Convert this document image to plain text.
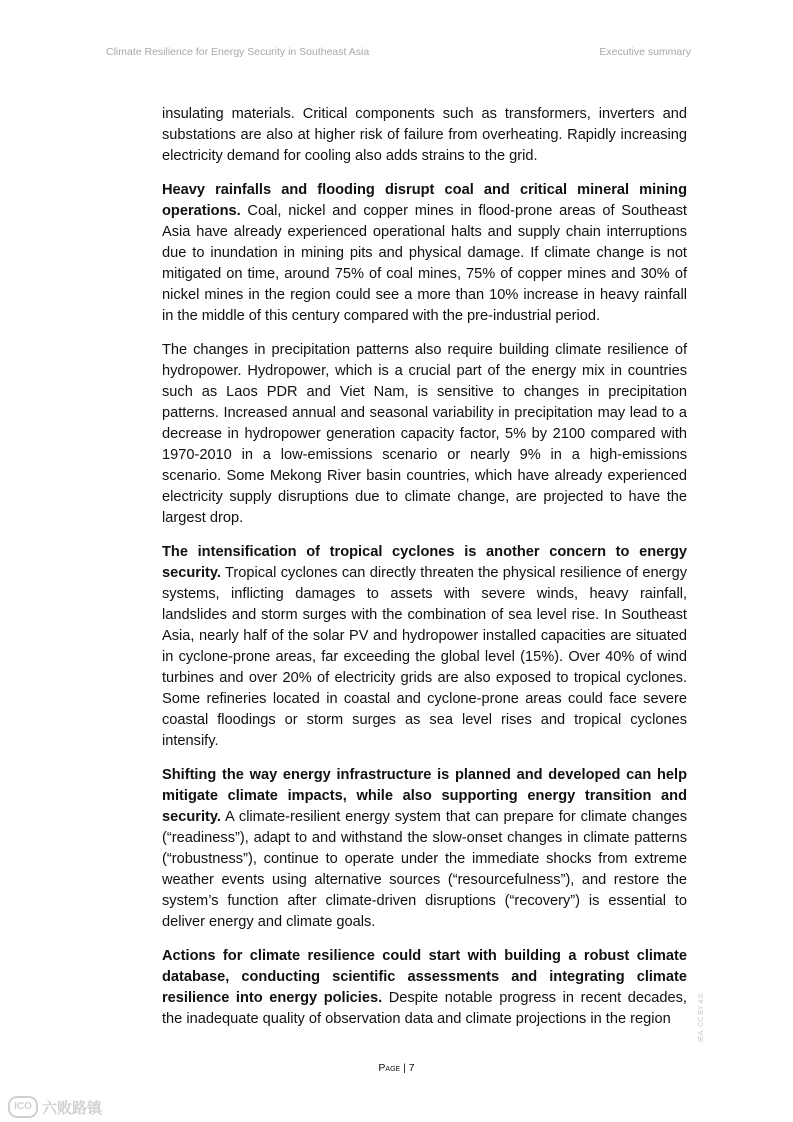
Climate Resilience for Energy Security in Southeast Asia	Executive summary

insulating materials. Critical components such as transformers, inverters and substations are also at higher risk of failure from overheating. Rapidly increasing electricity demand for cooling also adds strains to the grid.

Heavy rainfalls and flooding disrupt coal and critical mineral mining operations. Coal, nickel and copper mines in flood-prone areas of Southeast Asia have already experienced operational halts and supply chain interruptions due to inundation in mining pits and physical damage. If climate change is not mitigated on time, around 75% of coal mines, 75% of copper mines and 30% of nickel mines in the region could see a more than 10% increase in heavy rainfall in the middle of this century compared with the pre-industrial period.

The changes in precipitation patterns also require building climate resilience of hydropower. Hydropower, which is a crucial part of the energy mix in countries such as Laos PDR and Viet Nam, is sensitive to changes in precipitation patterns. Increased annual and seasonal variability in precipitation may lead to a decrease in hydropower generation capacity factor, 5% by 2100 compared with 1970-2010 in a low-emissions scenario or nearly 9% in a high-emissions scenario. Some Mekong River basin countries, which have already experienced electricity supply disruptions due to climate change, are projected to have the largest drop.

The intensification of tropical cyclones is another concern to energy security. Tropical cyclones can directly threaten the physical resilience of energy systems, inflicting damages to assets with severe winds, heavy rainfall, landslides and storm surges with the combination of sea level rise. In Southeast Asia, nearly half of the solar PV and hydropower installed capacities are situated in cyclone-prone areas, far exceeding the global level (15%). Over 40% of wind turbines and over 20% of electricity grids are also exposed to tropical cyclones. Some refineries located in coastal and cyclone-prone areas could face severe coastal floodings or storm surges as sea level rises and tropical cyclones intensify.

Shifting the way energy infrastructure is planned and developed can help mitigate climate impacts, while also supporting energy transition and security. A climate-resilient energy system that can prepare for climate changes (“readiness”), adapt to and withstand the slow-onset changes in climate patterns (“robustness”), continue to operate under the immediate shocks from extreme weather events using alternative sources (“resourcefulness”), and restore the system’s function after climate-driven disruptions (“recovery”) is essential to deliver energy and climate goals.

Actions for climate resilience could start with building a robust climate database, conducting scientific assessments and integrating climate resilience into energy policies. Despite notable progress in recent decades, the inadequate quality of observation data and climate projections in the region

Page | 7
IEA. CC BY 4.0.
ICO 六败路镇
